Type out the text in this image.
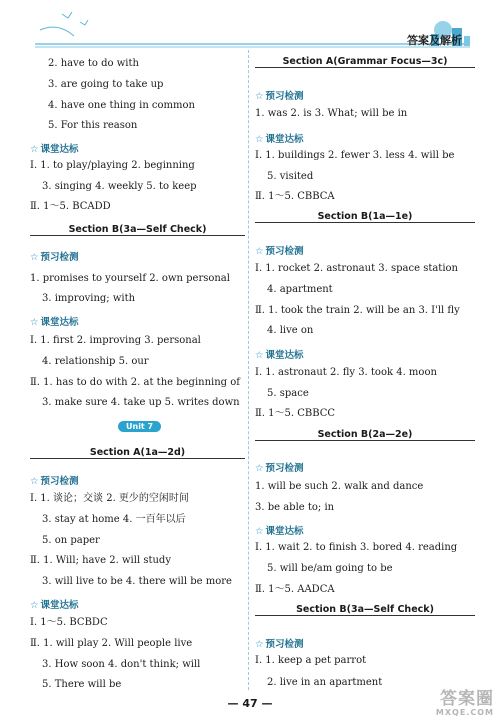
答案及解析
2. have to do with
3. are going to take up
4. have one thing in common
5. For this reason
☆ 课堂达标
Ⅰ. 1. to play/playing 2. beginning
3. singing 4. weekly 5. to keep
Ⅱ. 1～5. BCADD
Section B(3a—Self Check)
☆ 预习检测
1. promises to yourself 2. own personal
3. improving; with
☆ 课堂达标
Ⅰ. 1. first 2. improving 3. personal
4. relationship 5. our
Ⅱ. 1. has to do with 2. at the beginning of
3. make sure 4. take up 5. writes down
Unit 7
Section A(1a—2d)
☆ 预习检测
Ⅰ. 1. 谈论；交谈 2. 更少的空闲时间
3. stay at home 4. 一百年以后
5. on paper
Ⅱ. 1. Will; have 2. will study
3. will live to be 4. there will be more
☆ 课堂达标
Ⅰ. 1～5. BCBDC
Ⅱ. 1. will play 2. Will people live
3. How soon 4. don't think; will
5. There will be
Section A(Grammar Focus—3c)
☆ 预习检测
1. was 2. is 3. What; will be in
☆ 课堂达标
Ⅰ. 1. buildings 2. fewer 3. less 4. will be
5. visited
Ⅱ. 1～5. CBBCA
Section B(1a—1e)
☆ 预习检测
Ⅰ. 1. rocket 2. astronaut 3. space station
4. apartment
Ⅱ. 1. took the train 2. will be an 3. I'll fly
4. live on
☆ 课堂达标
Ⅰ. 1. astronaut 2. fly 3. took 4. moon
5. space
Ⅱ. 1～5. CBBCC
Section B(2a—2e)
☆ 预习检测
1. will be such 2. walk and dance
3. be able to; in
☆ 课堂达标
Ⅰ. 1. wait 2. to finish 3. bored 4. reading
5. will be/am going to be
Ⅱ. 1～5. AADCA
Section B(3a—Self Check)
☆ 预习检测
Ⅰ. 1. keep a pet parrot
2. live in an apartment
— 47 —	答案圈
MXQE.COM
